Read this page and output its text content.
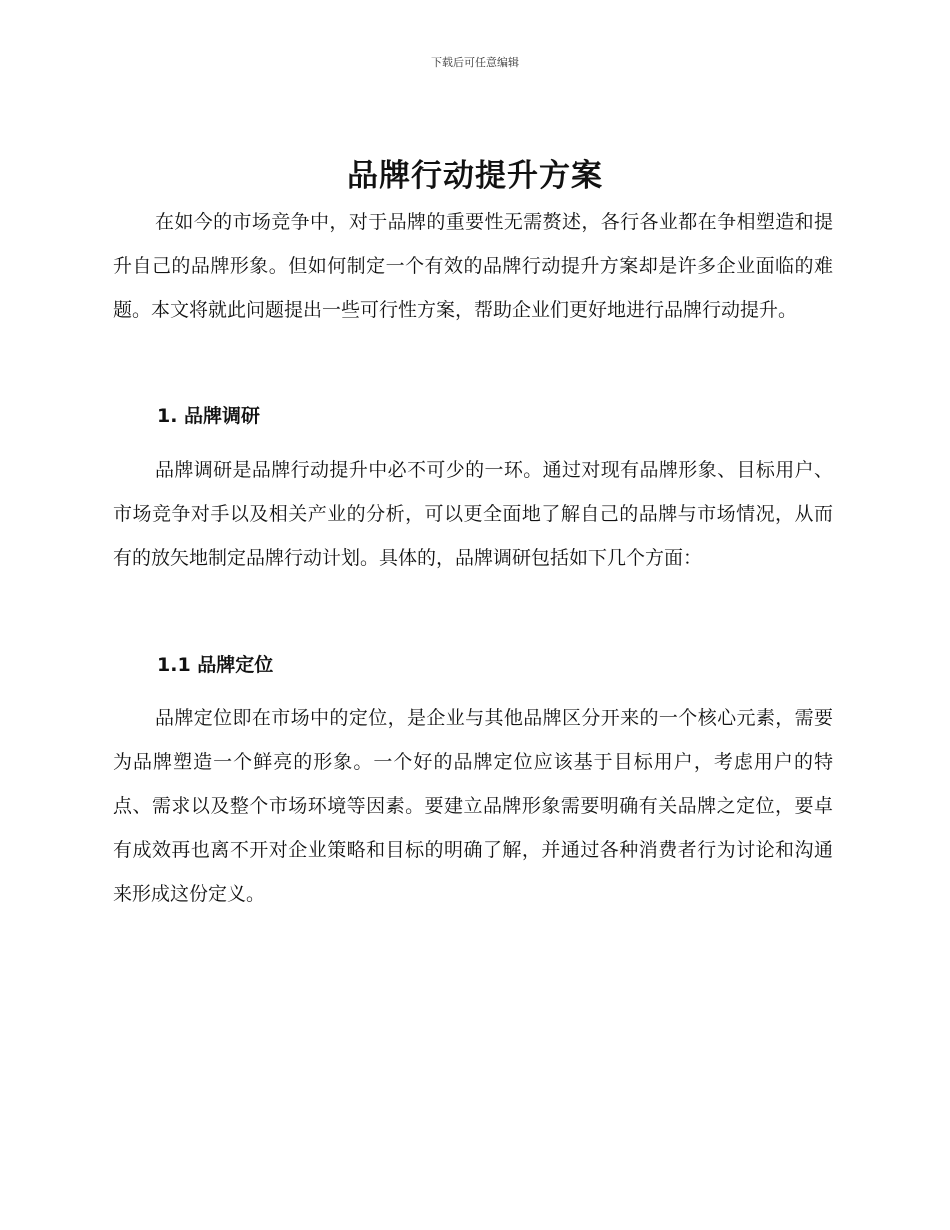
下载后可任意编辑
品牌行动提升方案

在如今的市场竞争中，对于品牌的重要性无需赘述，各行各业都在争相塑造和提升自己的品牌形象。但如何制定一个有效的品牌行动提升方案却是许多企业面临的难题。本文将就此问题提出一些可行性方案，帮助企业们更好地进行品牌行动提升。

1. 品牌调研

品牌调研是品牌行动提升中必不可少的一环。通过对现有品牌形象、目标用户、市场竞争对手以及相关产业的分析，可以更全面地了解自己的品牌与市场情况，从而有的放矢地制定品牌行动计划。具体的，品牌调研包括如下几个方面：

1.1 品牌定位

品牌定位即在市场中的定位，是企业与其他品牌区分开来的一个核心元素，需要为品牌塑造一个鲜亮的形象。一个好的品牌定位应该基于目标用户，考虑用户的特点、需求以及整个市场环境等因素。要建立品牌形象需要明确有关品牌之定位，要卓有成效再也离不开对企业策略和目标的明确了解，并通过各种消费者行为讨论和沟通来形成这份定义。
